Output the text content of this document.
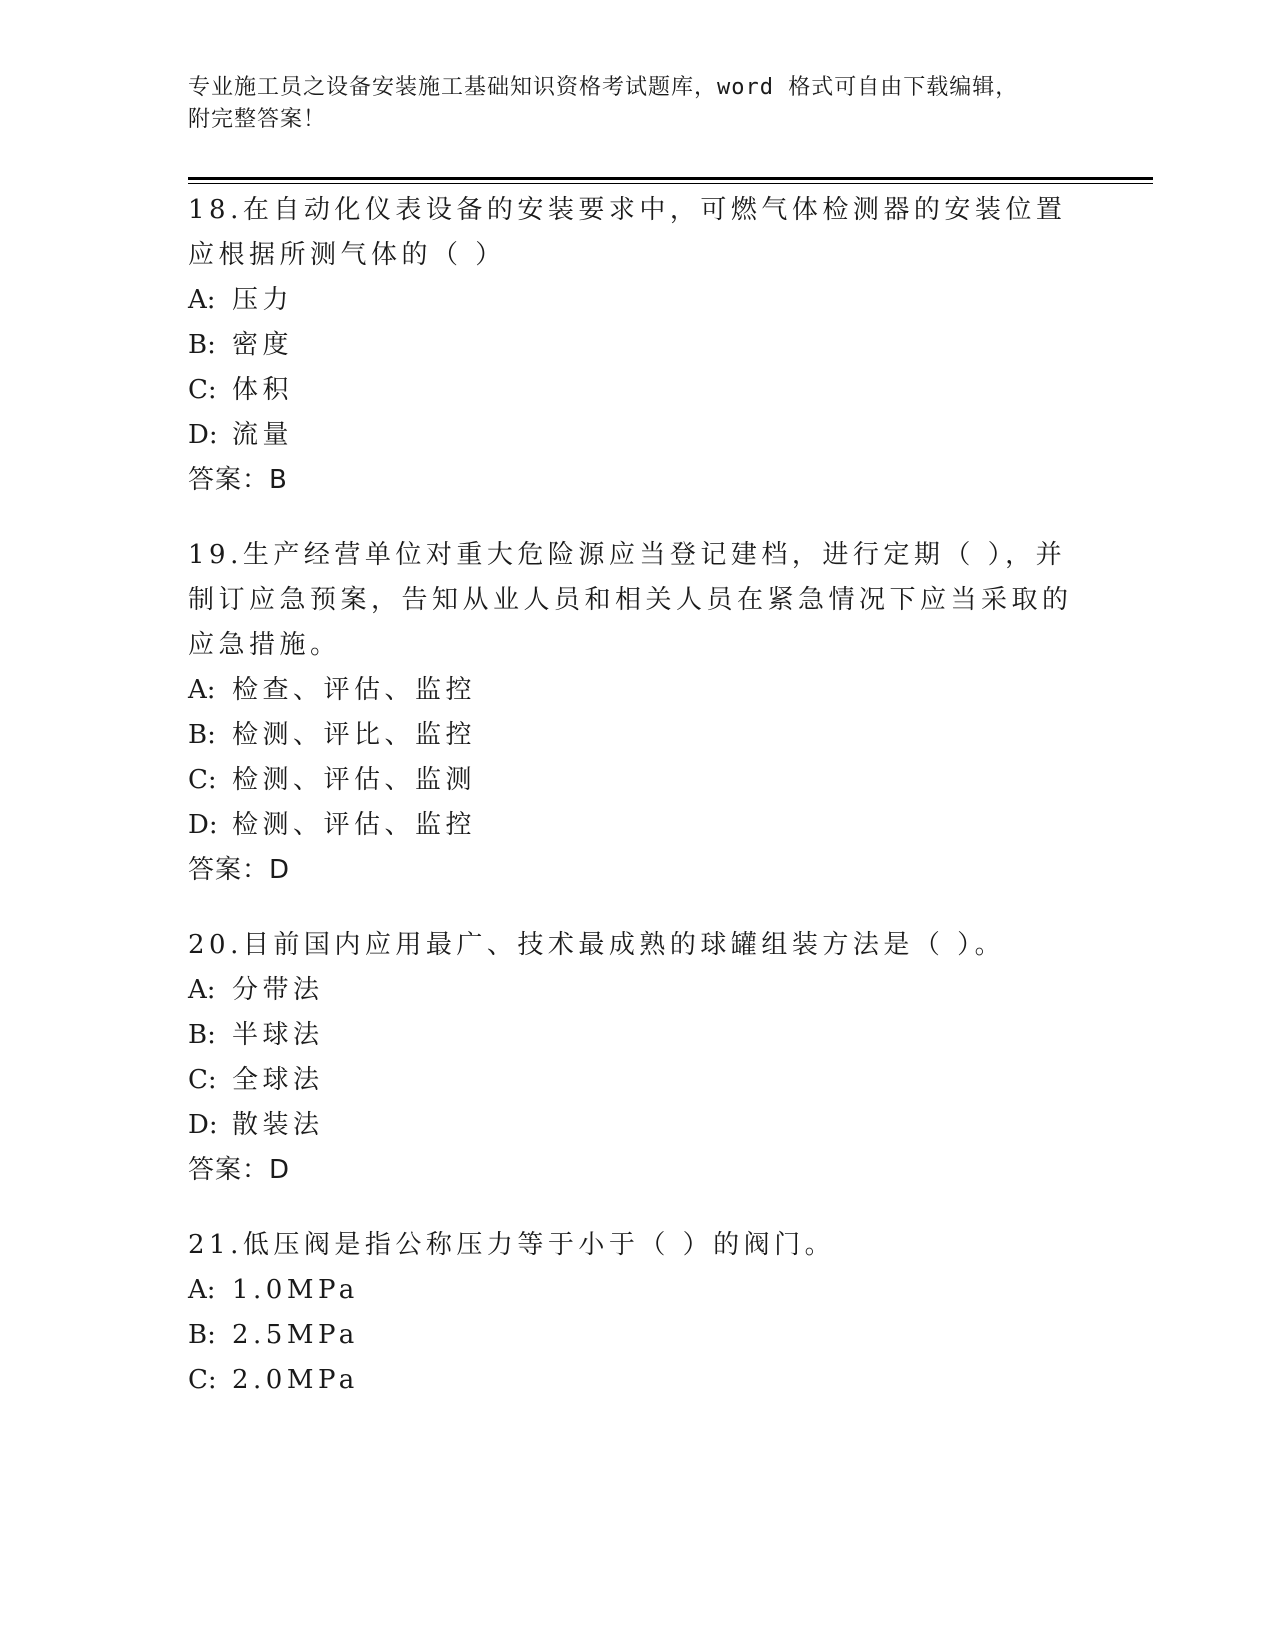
专业施工员之设备安装施工基础知识资格考试题库，word 格式可自由下载编辑，
附完整答案！
18.在自动化仪表设备的安装要求中，可燃气体检测器的安装位置应根据所测气体的（ ）
A: 压力
B: 密度
C: 体积
D: 流量
答案：B
19.生产经营单位对重大危险源应当登记建档，进行定期（ ），并制订应急预案，告知从业人员和相关人员在紧急情况下应当采取的应急措施。
A: 检查、评估、监控
B: 检测、评比、监控
C: 检测、评估、监测
D: 检测、评估、监控
答案：D
20.目前国内应用最广、技术最成熟的球罐组装方法是（ ）。
A: 分带法
B: 半球法
C: 全球法
D: 散装法
答案：D
21.低压阀是指公称压力等于小于（ ）的阀门。
A: 1.0MPa
B: 2.5MPa
C: 2.0MPa
